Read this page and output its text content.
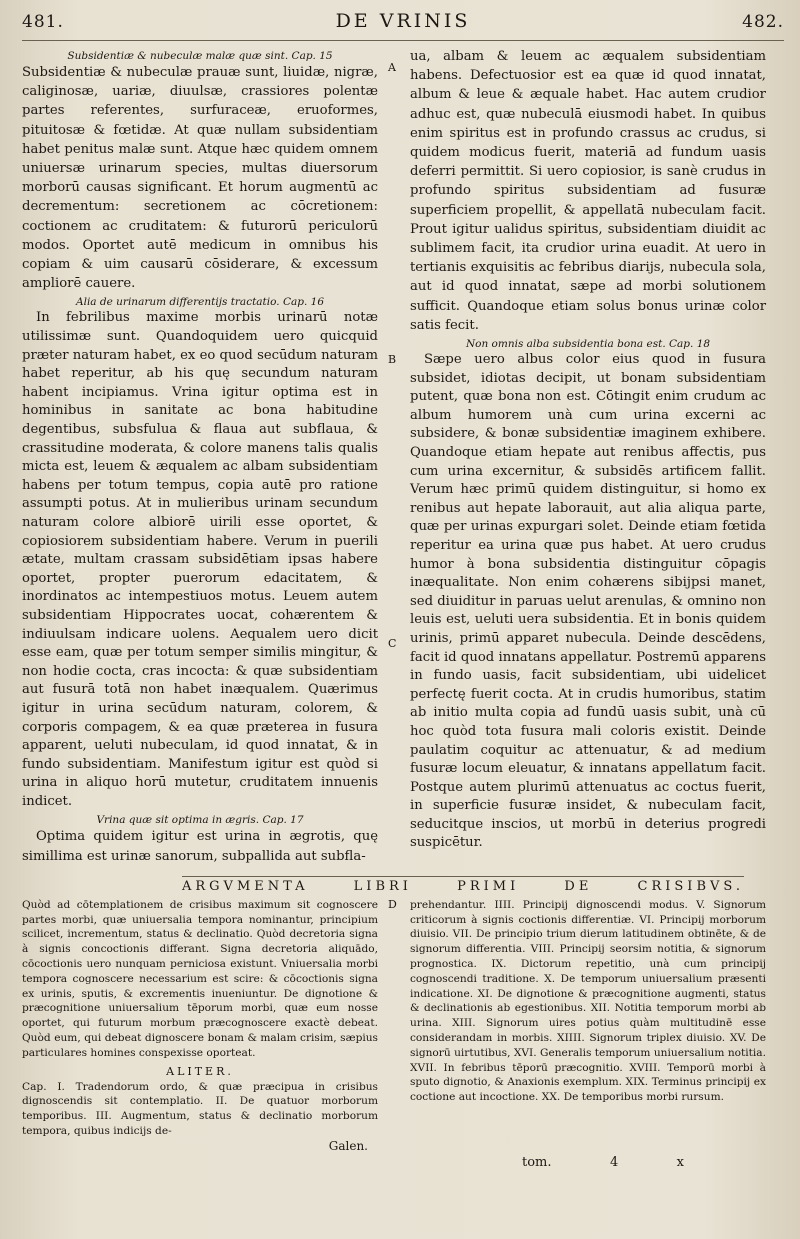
481.	DE VRINIS	482.
Subsidentiæ & nubeculæ malæ quæ sint. Cap. 15

Subsidentiæ & nubeculæ prauæ sunt, liuidæ, nigræ, caliginosæ, uariæ, diuulsæ, crassiores polentæ partes referentes, surfuraceæ, eruoformes, pituitosæ & fœtidæ. At quæ nullam subsidentiam habet penitus malæ sunt. Atque hæc quidem omnem uniuersæ urinarum species, multas diuersorum morborū causas significant. Et horum augmentū ac decrementum: secretionem ac cōcretionem: coctionem ac cruditatem: & futurorū periculorū modos. Oportet autē medicum in omnibus his copiam & uim causarū cōsiderare, & excessum ampliorē cauere.

Alia de urinarum differentijs tractatio. Cap. 16

In febrilibus maxime morbis urinarū notæ utilissimæ sunt. Quandoquidem uero quicquid præter naturam habet, ex eo quod secūdum naturam habet reperitur, ab his quę secundum naturam habent incipiamus. Vrina igitur optima est in hominibus in sanitate ac bona habitudine degentibus, subsfulua & flaua aut subflaua, & crassitudine moderata, & colore manens talis qualis micta est, leuem & æqualem ac albam subsidentiam habens per totum tempus, copia autē pro ratione assumpti potus. At in mulieribus urinam secundum naturam colore albiorē uirili esse oportet, & copiosiorem subsidentiam habere. Verum in puerili ætate, multam crassam subsidētiam ipsas habere oportet, propter puerorum edacitatem, & inordinatos ac intempestiuos motus. Leuem autem subsidentiam Hippocrates uocat, cohærentem & indiuulsam indicare uolens. Aequalem uero dicit esse eam, quæ per totum semper similis mingitur, & non hodie cocta, cras incocta: & quæ subsidentiam aut fusurā totā non habet inæqualem. Quærimus igitur in urina secūdum naturam, colorem, & corporis compagem, & ea quæ præterea in fusura apparent, ueluti nubeculam, id quod innatat, & in fundo subsidentiam. Manifestum igitur est quòd si urina in aliquo horū mutetur, cruditatem innuenis indicet.

Vrina quæ sit optima in ægris. Cap. 17

Optima quidem igitur est urina in ægrotis, quę simillima est urinæ sanorum, subpallida aut subfla-

A
B
C

ua, albam & leuem ac æqualem subsidentiam habens. Defectuosior est ea quæ id quod innatat, album & leue & æquale habet. Hac autem crudior adhuc est, quæ nubeculā eiusmodi habet. In quibus enim spiritus est in profundo crassus ac crudus, si quidem modicus fuerit, materiā ad fundum uasis deferri permittit. Si uero copiosior, is sanè crudus in profundo spiritus subsidentiam ad fusuræ superficiem propellit, & appellatā nubeculam facit. Prout igitur ualidus spiritus, subsidentiam diuidit ac sublimem facit, ita crudior urina euadit. At uero in tertianis exquisitis ac febribus diarijs, nubecula sola, aut id quod innatat, sæpe ad morbi solutionem sufficit. Quandoque etiam solus bonus urinæ color satis fecit.

Non omnis alba subsidentia bona est. Cap. 18

Sæpe uero albus color eius quod in fusura subsidet, idiotas decipit, ut bonam subsidentiam putent, quæ bona non est. Cōtingit enim crudum ac album humorem unà cum urina excerni ac subsidere, & bonæ subsidentiæ imaginem exhibere. Quandoque etiam hepate aut renibus affectis, pus cum urina excernitur, & subsidēs artificem fallit. Verum hæc primū quidem distinguitur, si homo ex renibus aut hepate laborauit, aut alia aliqua parte, quæ per urinas expurgari solet. Deinde etiam fœtida reperitur ea urina quæ pus habet. At uero crudus humor à bona subsidentia distinguitur cōpagis inæqualitate. Non enim cohærens sibijpsi manet, sed diuiditur in paruas uelut arenulas, & omnino non leuis est, ueluti uera subsidentia. Et in bonis quidem urinis, primū apparet nubecula. Deinde descēdens, facit id quod innatans appellatur. Postremū apparens in fundo uasis, facit subsidentiam, ubi uidelicet perfectę fuerit cocta. At in crudis humoribus, statim ab initio multa copia ad fundū uasis subit, unà cū hoc quòd tota fusura mali coloris existit. Deinde paulatim coquitur ac attenuatur, & ad medium fusuræ locum eleuatur, & innatans appellatum facit. Postque autem plurimū attenuatus ac coctus fuerit, in superficie fusuræ insidet, & nubeculam facit, seducitque inscios, ut morbū in deterius progredi suspicētur.

ARGVMENTA	LIBRI	PRIMI	DE	CRISIBVS.

Quòd ad cōtemplationem de crisibus maximum sit cognoscere partes morbi, quæ uniuersalia tempora nominantur, principium scilicet, incrementum, status & declinatio. Quòd decretoria signa à signis concoctionis differant. Signa decretoria aliquādo, cōcoctionis uero nunquam perniciosa existunt. Vniuersalia morbi tempora cognoscere necessarium est scire: & cōcoctionis signa ex urinis, sputis, & excrementis inueniuntur. De dignotione & præcognitione uniuersalium tēporum morbi, quæ eum nosse oportet, qui futurum morbum præcognoscere exactè debeat. Quòd eum, qui debeat dignoscere bonam & malam crisim, sæpius particulares homines conspexisse oporteat.

ALITER.

Cap. I. Tradendorum ordo, & quæ præcipua in crisibus dignoscendis sit contemplatio. II. De quatuor morborum temporibus. III. Augmentum, status & declinatio morborum tempora, quibus indicijs de-

Galen.
D prehendantur. IIII. Principij dignoscendi modus. V. Signorum criticorum à signis coctionis differentiæ. VI. Principij morborum diuisio. VII. De principio trium dierum latitudinem obtinēte, & de signorum differentia. VIII. Principij seorsim notitia, & signorum prognostica. IX. Dictorum repetitio, unà cum principij cognoscendi traditione. X. De temporum uniuersalium præsenti indicatione. XI. De dignotione & præcognitione augmenti, status & declinationis ab egestionibus. XII. Notitia temporum morbi ab urina. XIII. Signorum uires potius quàm multitudinē esse considerandam in morbis. XIIII. Signorum triplex diuisio. XV. De signorū uirtutibus, XVI. Generalis temporum uniuersalium notitia. XVII. In febribus tēporū præcognitio. XVIII. Temporū morbi à sputo dignotio, & Anaxionis exemplum. XIX. Terminus principij ex coctione aut incoctione. XX. De temporibus morbi rursum.

tom.	4	x
